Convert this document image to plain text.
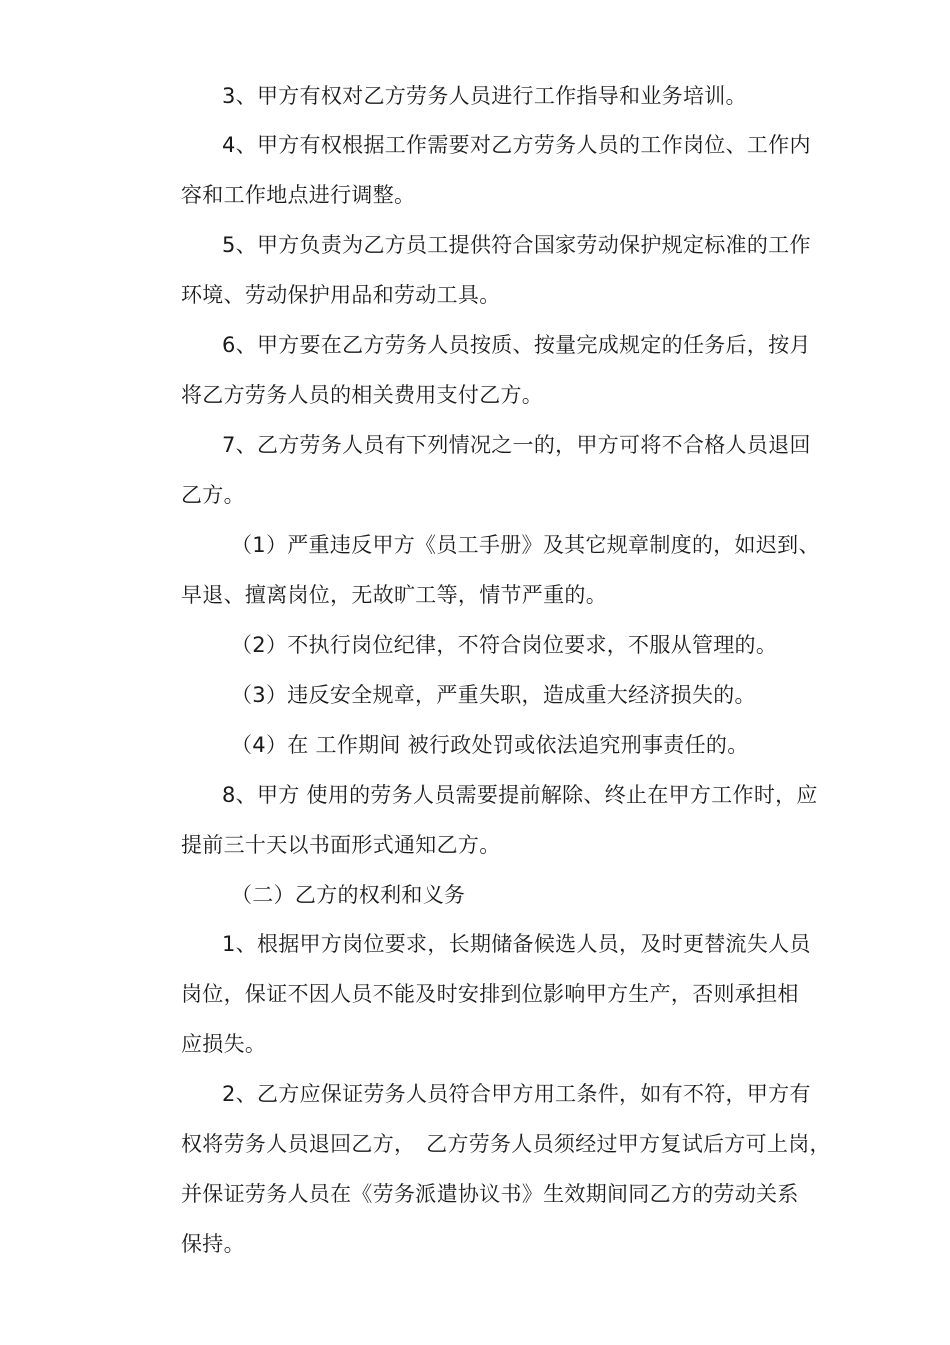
3、甲方有权对乙方劳务人员进行工作指导和业务培训。
4、甲方有权根据工作需要对乙方劳务人员的工作岗位、工作内
容和工作地点进行调整。
5、甲方负责为乙方员工提供符合国家劳动保护规定标准的工作
环境、劳动保护用品和劳动工具。
6、甲方要在乙方劳务人员按质、按量完成规定的任务后，按月
将乙方劳务人员的相关费用支付乙方。
7、乙方劳务人员有下列情况之一的，甲方可将不合格人员退回
乙方。
（1）严重违反甲方《员工手册》及其它规章制度的，如迟到、
早退、擅离岗位，无故旷工等，情节严重的。
（2）不执行岗位纪律，不符合岗位要求，不服从管理的。
（3）违反安全规章，严重失职，造成重大经济损失的。
（4）在 工作期间 被行政处罚或依法追究刑事责任的。
8、甲方 使用的劳务人员需要提前解除、终止在甲方工作时，应
提前三十天以书面形式通知乙方。
（二）乙方的权利和义务
1、根据甲方岗位要求，长期储备候选人员，及时更替流失人员
岗位，保证不因人员不能及时安排到位影响甲方生产，否则承担相
应损失。
2、乙方应保证劳务人员符合甲方用工条件，如有不符，甲方有
权将劳务人员退回乙方，　乙方劳务人员须经过甲方复试后方可上岗，
并保证劳务人员在《劳务派遣协议书》生效期间同乙方的劳动关系
保持。
